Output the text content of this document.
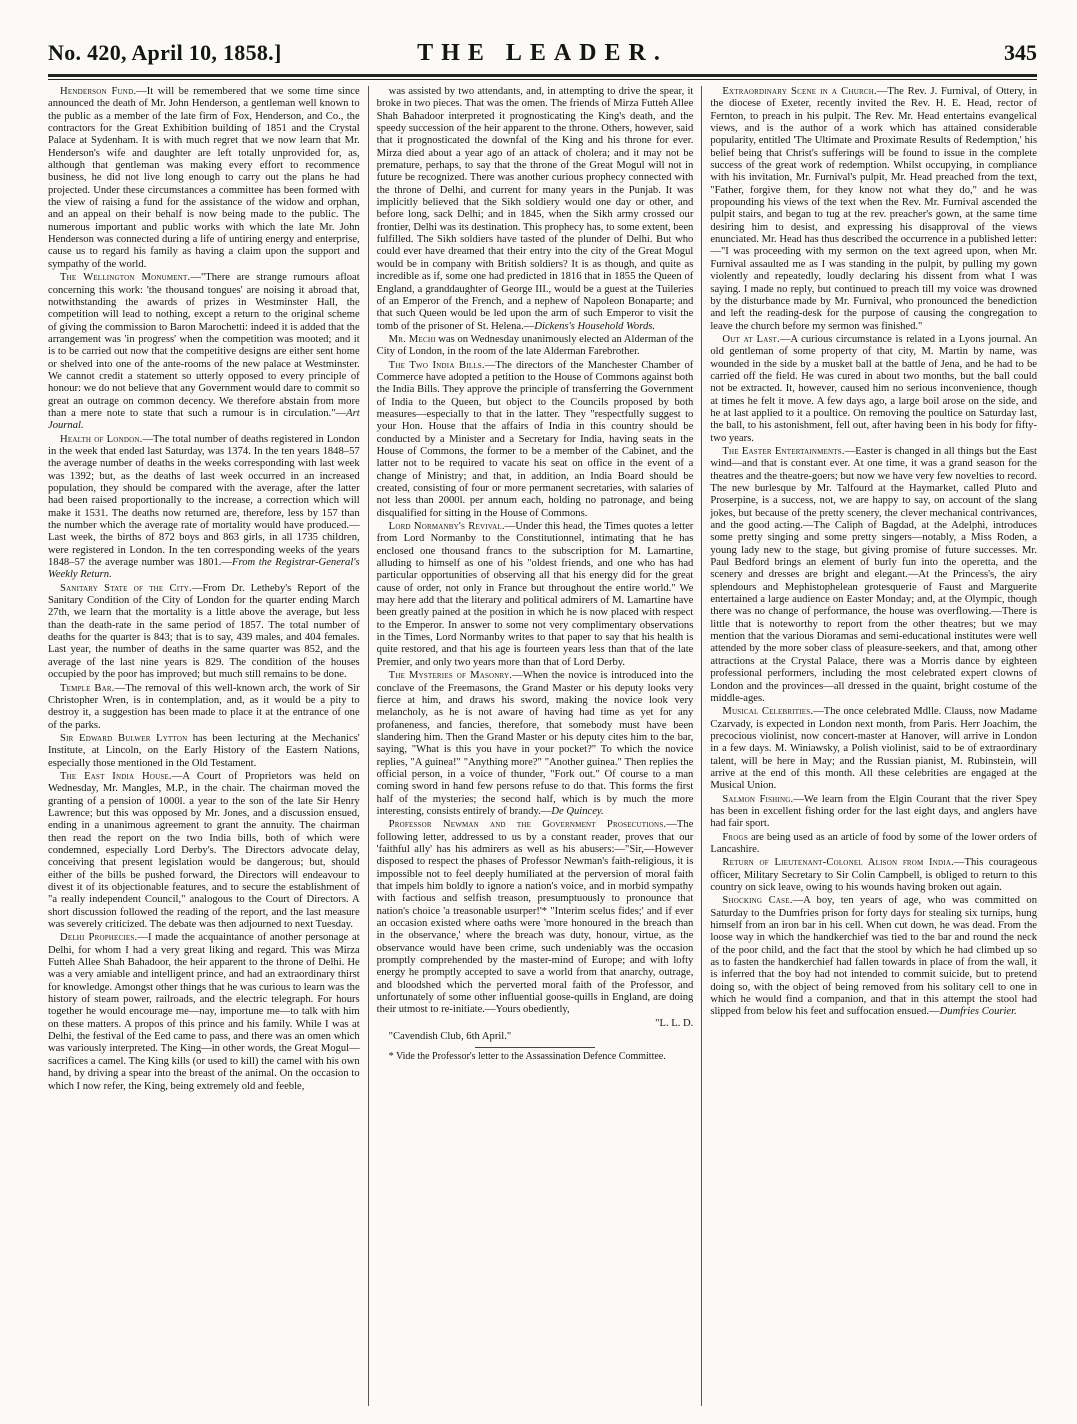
No. 420, April 10, 1858.]	THE LEADER.	345

Henderson Fund.—It will be remembered that we some time since announced the death of Mr. John Henderson, a gentleman well known to the public as a member of the late firm of Fox, Henderson, and Co., the contractors for the Great Exhibition building of 1851 and the Crystal Palace at Sydenham. It is with much regret that we now learn that Mr. Henderson's wife and daughter are left totally unprovided for, as, although that gentleman was making every effort to recommence business, he did not live long enough to carry out the plans he had projected. Under these circumstances a committee has been formed with the view of raising a fund for the assistance of the widow and orphan, and an appeal on their behalf is now being made to the public. The numerous important and public works with which the late Mr. John Henderson was connected during a life of untiring energy and enterprise, cause us to regard his family as having a claim upon the support and sympathy of the world.

The Wellington Monument.—"There are strange rumours afloat concerning this work: 'the thousand tongues' are noising it abroad that, notwithstanding the awards of prizes in Westminster Hall, the competition will lead to nothing, except a return to the original scheme of giving the commission to Baron Marochetti: indeed it is added that the arrangement was 'in progress' when the competition was mooted; and it is to be carried out now that the competitive designs are either sent home or shelved into one of the ante-rooms of the new palace at Westminster. We cannot credit a statement so utterly opposed to every principle of honour: we do not believe that any Government would dare to commit so great an outrage on common decency. We therefore abstain from more than a mere note to state that such a rumour is in circulation."—Art Journal.

Health of London.—The total number of deaths registered in London in the week that ended last Saturday, was 1374. In the ten years 1848–57 the average number of deaths in the weeks corresponding with last week was 1392; but, as the deaths of last week occurred in an increased population, they should be compared with the average, after the latter had been raised proportionally to the increase, a correction which will make it 1531. The deaths now returned are, therefore, less by 157 than the number which the average rate of mortality would have produced.—Last week, the births of 872 boys and 863 girls, in all 1735 children, were registered in London. In the ten corresponding weeks of the years 1848–57 the average number was 1801.—From the Registrar-General's Weekly Return.

Sanitary State of the City.—From Dr. Letheby's Report of the Sanitary Condition of the City of London for the quarter ending March 27th, we learn that the mortality is a little above the average, but less than the death-rate in the same period of 1857. The total number of deaths for the quarter is 843; that is to say, 439 males, and 404 females. Last year, the number of deaths in the same quarter was 852, and the average of the last nine years is 829. The condition of the houses occupied by the poor has improved; but much still remains to be done.

Temple Bar.—The removal of this well-known arch, the work of Sir Christopher Wren, is in contemplation, and, as it would be a pity to destroy it, a suggestion has been made to place it at the entrance of one of the parks.

Sir Edward Bulwer Lytton has been lecturing at the Mechanics' Institute, at Lincoln, on the Early History of the Eastern Nations, especially those mentioned in the Old Testament.

The East India House.—A Court of Proprietors was held on Wednesday, Mr. Mangles, M.P., in the chair. The chairman moved the granting of a pension of 1000l. a year to the son of the late Sir Henry Lawrence; but this was opposed by Mr. Jones, and a discussion ensued, ending in a unanimous agreement to grant the annuity. The chairman then read the report on the two India bills, both of which were condemned, especially Lord Derby's. The Directors advocate delay, conceiving that present legislation would be dangerous; but, should either of the bills be pushed forward, the Directors will endeavour to divest it of its objectionable features, and to secure the establishment of "a really independent Council," analogous to the Court of Directors. A short discussion followed the reading of the report, and the last measure was severely criticized. The debate was then adjourned to next Tuesday.

Delhi Prophecies.—I made the acquaintance of another personage at Delhi, for whom I had a very great liking and regard. This was Mirza Futteh Allee Shah Bahadoor, the heir apparent to the throne of Delhi. He was a very amiable and intelligent prince, and had an extraordinary thirst for knowledge. Amongst other things that he was curious to learn was the history of steam power, railroads, and the electric telegraph. For hours together he would encourage me—nay, importune me—to talk with him on these matters. A propos of this prince and his family. While I was at Delhi, the festival of the Eed came to pass, and there was an omen which was variously interpreted. The King—in other words, the Great Mogul—sacrifices a camel. The King kills (or used to kill) the camel with his own hand, by driving a spear into the breast of the animal. On the occasion to which I now refer, the King, being extremely old and feeble,

was assisted by two attendants, and, in attempting to drive the spear, it broke in two pieces. That was the omen. The friends of Mirza Futteh Allee Shah Bahadoor interpreted it prognosticating the King's death, and the speedy succession of the heir apparent to the throne. Others, however, said that it prognosticated the downfal of the King and his throne for ever. Mirza died about a year ago of an attack of cholera; and it may not be premature, perhaps, to say that the throne of the Great Mogul will not in future be recognized. There was another curious prophecy connected with the throne of Delhi, and current for many years in the Punjab. It was implicitly believed that the Sikh soldiery would one day or other, and before long, sack Delhi; and in 1845, when the Sikh army crossed our frontier, Delhi was its destination. This prophecy has, to some extent, been fulfilled. The Sikh soldiers have tasted of the plunder of Delhi. But who could ever have dreamed that their entry into the city of the Great Mogul would be in company with British soldiers? It is as though, and quite as incredible as if, some one had predicted in 1816 that in 1855 the Queen of England, a granddaughter of George III., would be a guest at the Tuileries of an Emperor of the French, and a nephew of Napoleon Bonaparte; and that such Queen would be led upon the arm of such Emperor to visit the tomb of the prisoner of St. Helena.—Dickens's Household Words.

Mr. Mechi was on Wednesday unanimously elected an Alderman of the City of London, in the room of the late Alderman Farebrother.

The Two India Bills.—The directors of the Manchester Chamber of Commerce have adopted a petition to the House of Commons against both the India Bills. They approve the principle of transferring the Government of India to the Queen, but object to the Councils proposed by both measures—especially to that in the latter. They "respectfully suggest to your Hon. House that the affairs of India in this country should be conducted by a Minister and a Secretary for India, having seats in the House of Commons, the former to be a member of the Cabinet, and the latter not to be required to vacate his seat on office in the event of a change of Ministry; and that, in addition, an India Board should be created, consisting of four or more permanent secretaries, with salaries of not less than 2000l. per annum each, holding no patronage, and being disqualified for sitting in the House of Commons.

Lord Normanby's Revival.—Under this head, the Times quotes a letter from Lord Normanby to the Constitutionnel, intimating that he has enclosed one thousand francs to the subscription for M. Lamartine, alluding to himself as one of his "oldest friends, and one who has had particular opportunities of observing all that his energy did for the great cause of order, not only in France but throughout the entire world." We may here add that the literary and political admirers of M. Lamartine have been greatly pained at the position in which he is now placed with respect to the Emperor. In answer to some not very complimentary observations in the Times, Lord Normanby writes to that paper to say that his health is quite restored, and that his age is fourteen years less than that of the late Premier, and only two years more than that of Lord Derby.

The Mysteries of Masonry.—When the novice is introduced into the conclave of the Freemasons, the Grand Master or his deputy looks very fierce at him, and draws his sword, making the novice look very melancholy, as he is not aware of having had time as yet for any profaneness, and fancies, therefore, that somebody must have been slandering him. Then the Grand Master or his deputy cites him to the bar, saying, "What is this you have in your pocket?" To which the novice replies, "A guinea!" "Anything more?" "Another guinea." Then replies the official person, in a voice of thunder, "Fork out." Of course to a man coming sword in hand few persons refuse to do that. This forms the first half of the mysteries; the second half, which is by much the more interesting, consists entirely of brandy.—De Quincey.

Professor Newman and the Government Prosecutions.—The following letter, addressed to us by a constant reader, proves that our 'faithful ally' has his admirers as well as his abusers:—"Sir,—However disposed to respect the phases of Professor Newman's faith-religious, it is impossible not to feel deeply humiliated at the perversion of moral faith that impels him boldly to ignore a nation's voice, and in morbid sympathy with factious and selfish treason, presumptuously to pronounce that nation's choice 'a treasonable usurper!'* "Interim scelus fides;' and if ever an occasion existed where oaths were 'more honoured in the breach than in the observance,' where the breach was duty, honour, virtue, as the observance would have been crime, such undeniably was the occasion promptly comprehended by the master-mind of Europe; and with lofty energy he promptly accepted to save a world from that anarchy, outrage, and bloodshed which the perverted moral faith of the Professor, and unfortunately of some other influential goose-quills in England, are doing their utmost to re-initiate.—Yours obediently,

"L. L. D.

"Cavendish Club, 6th April."

* Vide the Professor's letter to the Assassination Defence Committee.

Extraordinary Scene in a Church.—The Rev. J. Furnival, of Ottery, in the diocese of Exeter, recently invited the Rev. H. E. Head, rector of Fernton, to preach in his pulpit. The Rev. Mr. Head entertains evangelical views, and is the author of a work which has attained considerable popularity, entitled 'The Ultimate and Proximate Results of Redemption,' his belief being that Christ's sufferings will be found to issue in the complete success of the great work of redemption. Whilst occupying, in compliance with his invitation, Mr. Furnival's pulpit, Mr. Head preached from the text, "Father, forgive them, for they know not what they do," and he was propounding his views of the text when the Rev. Mr. Furnival ascended the pulpit stairs, and began to tug at the rev. preacher's gown, at the same time desiring him to desist, and expressing his disapproval of the views enunciated. Mr. Head has thus described the occurrence in a published letter:—"I was proceeding with my sermon on the text agreed upon, when Mr. Furnival assaulted me as I was standing in the pulpit, by pulling my gown violently and repeatedly, loudly declaring his dissent from what I was saying. I made no reply, but continued to preach till my voice was drowned by the disturbance made by Mr. Furnival, who pronounced the benediction and left the reading-desk for the purpose of causing the congregation to leave the church before my sermon was finished."

Out at Last.—A curious circumstance is related in a Lyons journal. An old gentleman of some property of that city, M. Martin by name, was wounded in the side by a musket ball at the battle of Jena, and he had to be carried off the field. He was cured in about two months, but the ball could not be extracted. It, however, caused him no serious inconvenience, though at times he felt it move. A few days ago, a large boil arose on the side, and he at last applied to it a poultice. On removing the poultice on Saturday last, the ball, to his astonishment, fell out, after having been in his body for fifty-two years.

The Easter Entertainments.—Easter is changed in all things but the East wind—and that is constant ever. At one time, it was a grand season for the theatres and the theatre-goers; but now we have very few novelties to record. The new burlesque by Mr. Talfourd at the Haymarket, called Pluto and Proserpine, is a success, not, we are happy to say, on account of the slang jokes, but because of the pretty scenery, the clever mechanical contrivances, and the good acting.—The Caliph of Bagdad, at the Adelphi, introduces some pretty singing and some pretty singers—notably, a Miss Roden, a young lady new to the stage, but giving promise of future successes. Mr. Paul Bedford brings an element of burly fun into the operetta, and the scenery and dresses are bright and elegant.—At the Princess's, the airy splendours and Mephistophelean grotesquerie of Faust and Marguerite entertained a large audience on Easter Monday; and, at the Olympic, though there was no change of performance, the house was overflowing.—There is little that is noteworthy to report from the other theatres; but we may mention that the various Dioramas and semi-educational institutes were well attended by the more sober class of pleasure-seekers, and that, among other attractions at the Crystal Palace, there was a Morris dance by eighteen professional performers, including the most celebrated expert clowns of London and the provinces—all dressed in the quaint, bright costume of the middle-ages.

Musical Celebrities.—The once celebrated Mdlle. Clauss, now Madame Czarvady, is expected in London next month, from Paris. Herr Joachim, the precocious violinist, now concert-master at Hanover, will arrive in London in a few days. M. Winiawsky, a Polish violinist, said to be of extraordinary talent, will be here in May; and the Russian pianist, M. Rubinstein, will arrive at the end of this month. All these celebrities are engaged at the Musical Union.

Salmon Fishing.—We learn from the Elgin Courant that the river Spey has been in excellent fishing order for the last eight days, and anglers have had fair sport.

Frogs are being used as an article of food by some of the lower orders of Lancashire.

Return of Lieutenant-Colonel Alison from India.—This courageous officer, Military Secretary to Sir Colin Campbell, is obliged to return to this country on sick leave, owing to his wounds having broken out again.

Shocking Case.—A boy, ten years of age, who was committed on Saturday to the Dumfries prison for forty days for stealing six turnips, hung himself from an iron bar in his cell. When cut down, he was dead. From the loose way in which the handkerchief was tied to the bar and round the neck of the poor child, and the fact that the stool by which he had climbed up so as to fasten the handkerchief had fallen towards in place of from the wall, it is inferred that the boy had not intended to commit suicide, but to pretend doing so, with the object of being removed from his solitary cell to one in which he would find a companion, and that in this attempt the stool had slipped from below his feet and suffocation ensued.—Dumfries Courier.
